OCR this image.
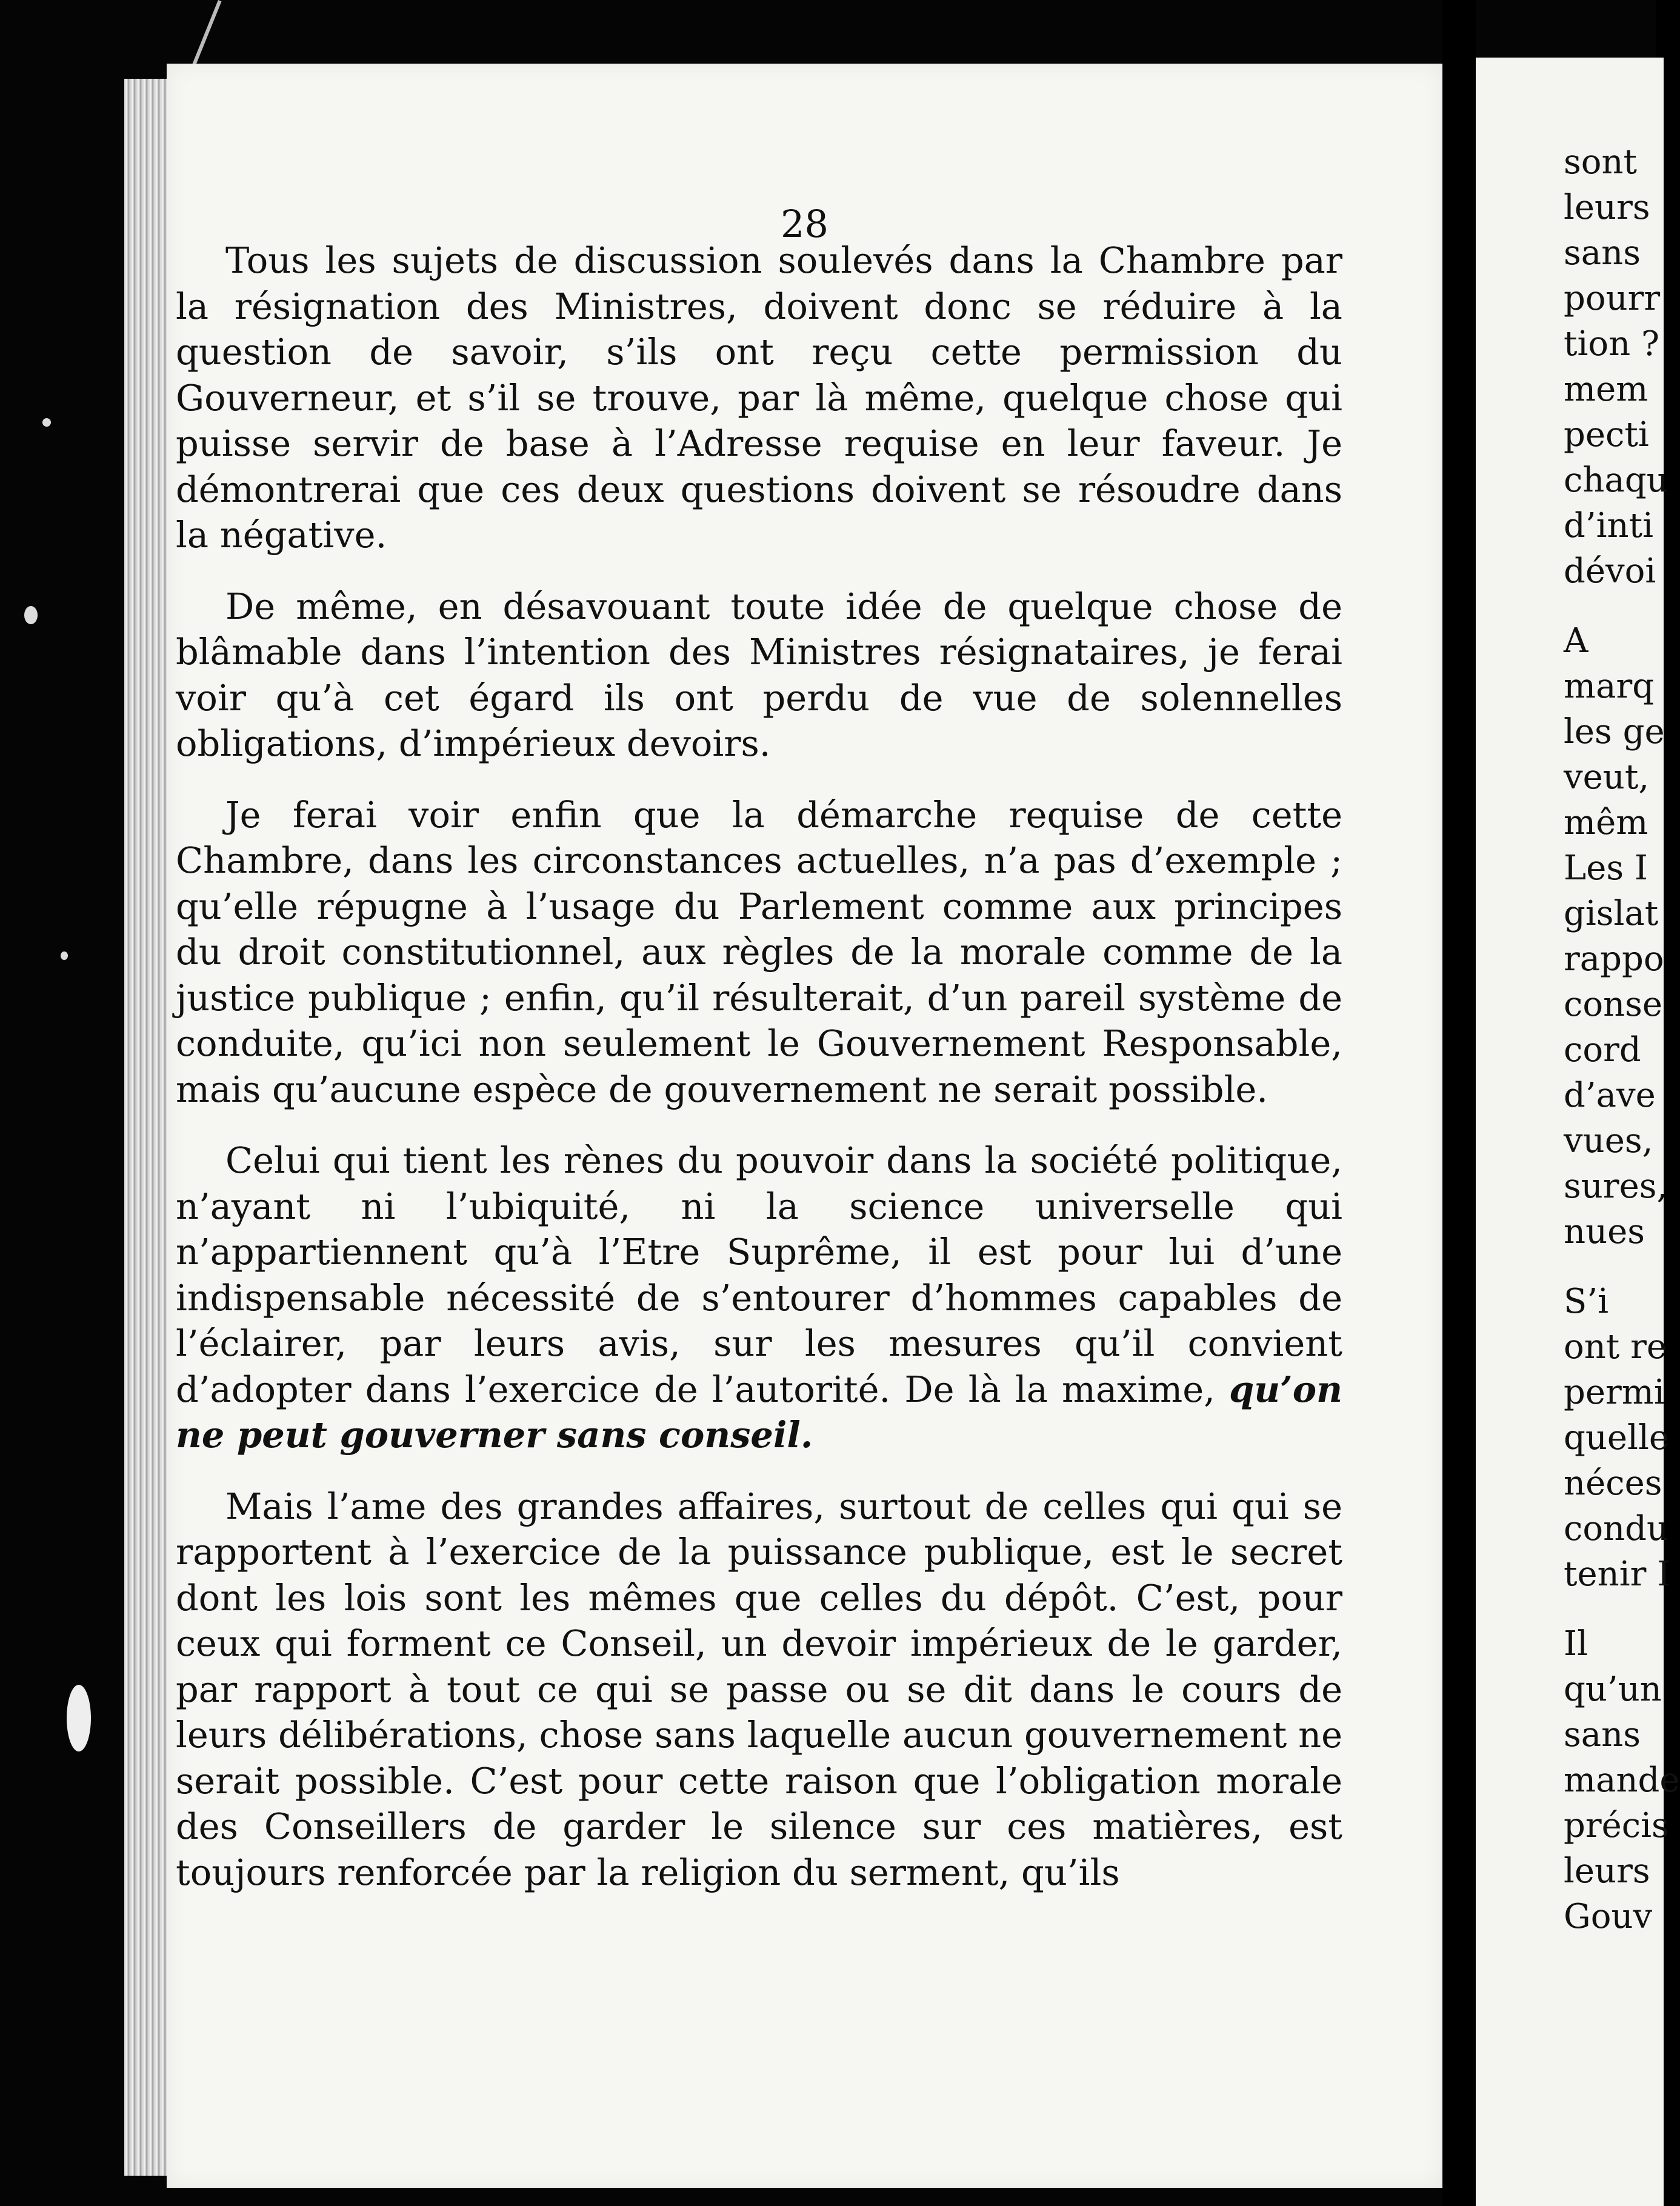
28

Tous les sujets de discussion soulevés dans la Chambre par la résignation des Ministres, doivent donc se réduire à la question de savoir, s’ils ont reçu cette permission du Gouverneur, et s’il se trouve, par là même, quelque chose qui puisse servir de base à l’Adresse requise en leur faveur. Je démontrerai que ces deux questions doivent se résoudre dans la négative.

De même, en désavouant toute idée de quelque chose de blâmable dans l’intention des Ministres résignataires, je ferai voir qu’à cet égard ils ont perdu de vue de solennelles obligations, d’impérieux devoirs.

Je ferai voir enfin que la démarche requise de cette Chambre, dans les circonstances actuelles, n’a pas d’exemple ; qu’elle répugne à l’usage du Parlement comme aux principes du droit constitutionnel, aux règles de la morale comme de la justice publique ; enfin, qu’il résulterait, d’un pareil système de conduite, qu’ici non seulement le Gouvernement Responsable, mais qu’aucune espèce de gouvernement ne serait possible.

Celui qui tient les rènes du pouvoir dans la société politique, n’ayant ni l’ubiquité, ni la science universelle qui n’appartiennent qu’à l’Etre Suprême, il est pour lui d’une indispensable nécessité de s’entourer d’hommes capables de l’éclairer, par leurs avis, sur les mesures qu’il convient d’adopter dans l’exercice de l’autorité. De là la maxime, qu’on ne peut gouverner sans conseil.

Mais l’ame des grandes affaires, surtout de celles qui qui se rapportent à l’exercice de la puissance publique, est le secret dont les lois sont les mêmes que celles du dépôt. C’est, pour ceux qui forment ce Conseil, un devoir impérieux de le garder, par rapport à tout ce qui se passe ou se dit dans le cours de leurs délibérations, chose sans laquelle aucun gouvernement ne serait possible. C’est pour cette raison que l’obligation morale des Conseillers de garder le silence sur ces matières, est toujours renforcée par la religion du serment, qu’ils

sont
leurs
sans
pourr
tion ?
mem
pecti
chaqu
d’inti
dévoi
A
marq
les ge
veut,
mêm
Les I
gislat
rappo
conse
cord
d’ave
vues,
sures,
nues
S’i
ont re
permi
quelle
néces
condu
tenir I
Il
qu’un
sans
mande
précis
leurs
Gouv
